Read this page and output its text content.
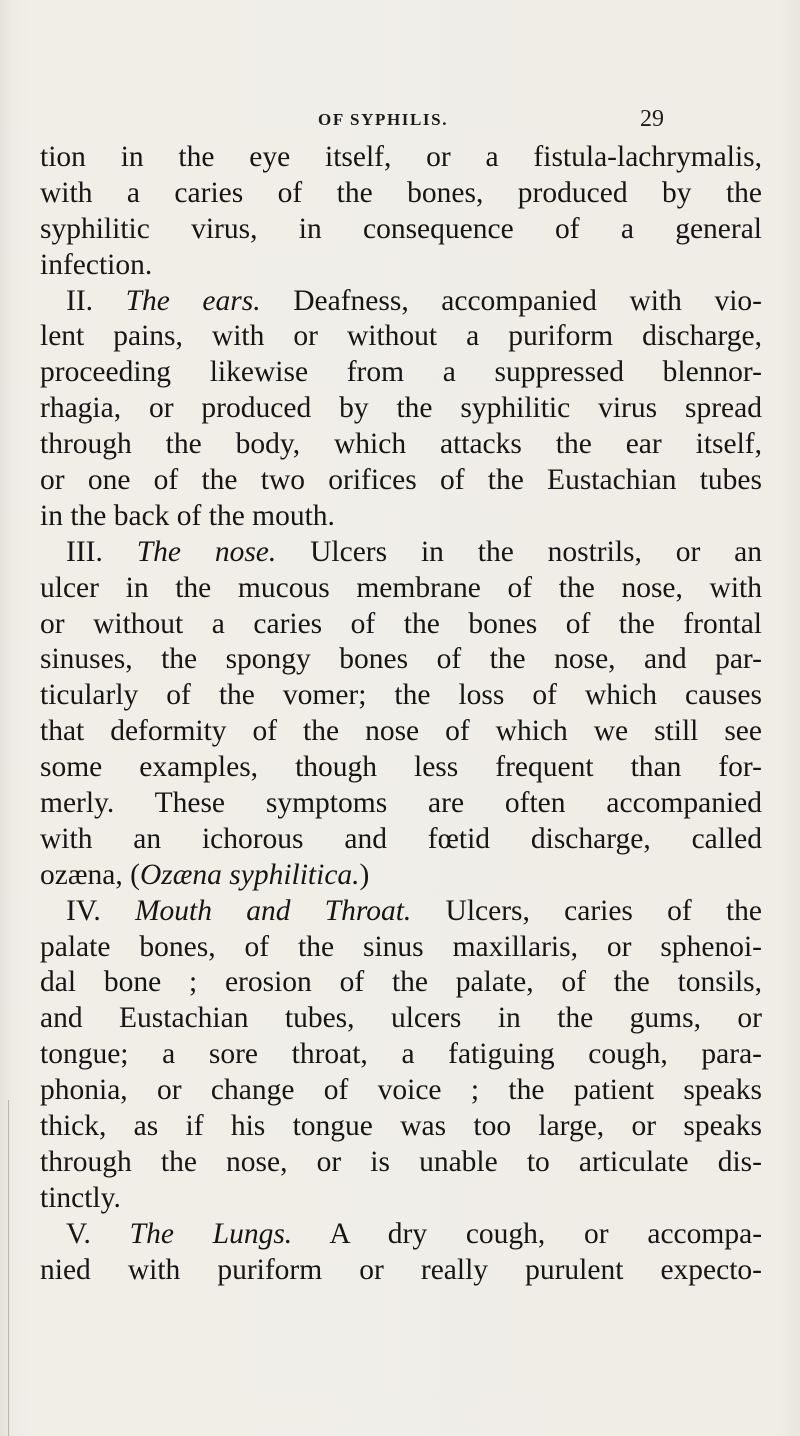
OF SYPHILIS.	29
tion in the eye itself, or a fistula-lachrymalis,
with a caries of the bones, produced by the
syphilitic virus, in consequence of a general
infection.
II. The ears. Deafness, accompanied with vio-
lent pains, with or without a puriform discharge,
proceeding likewise from a suppressed blennor-
rhagia, or produced by the syphilitic virus spread
through the body, which attacks the ear itself,
or one of the two orifices of the Eustachian tubes
in the back of the mouth.
III. The nose. Ulcers in the nostrils, or an
ulcer in the mucous membrane of the nose, with
or without a caries of the bones of the frontal
sinuses, the spongy bones of the nose, and par-
ticularly of the vomer; the loss of which causes
that deformity of the nose of which we still see
some examples, though less frequent than for-
merly. These symptoms are often accompanied
with an ichorous and fœtid discharge, called
ozæna, (Ozæna syphilitica.)
IV. Mouth and Throat. Ulcers, caries of the
palate bones, of the sinus maxillaris, or sphenoi-
dal bone ; erosion of the palate, of the tonsils,
and Eustachian tubes, ulcers in the gums, or
tongue; a sore throat, a fatiguing cough, para-
phonia, or change of voice ; the patient speaks
thick, as if his tongue was too large, or speaks
through the nose, or is unable to articulate dis-
tinctly.
V. The Lungs. A dry cough, or accompa-
nied with puriform or really purulent expecto-
